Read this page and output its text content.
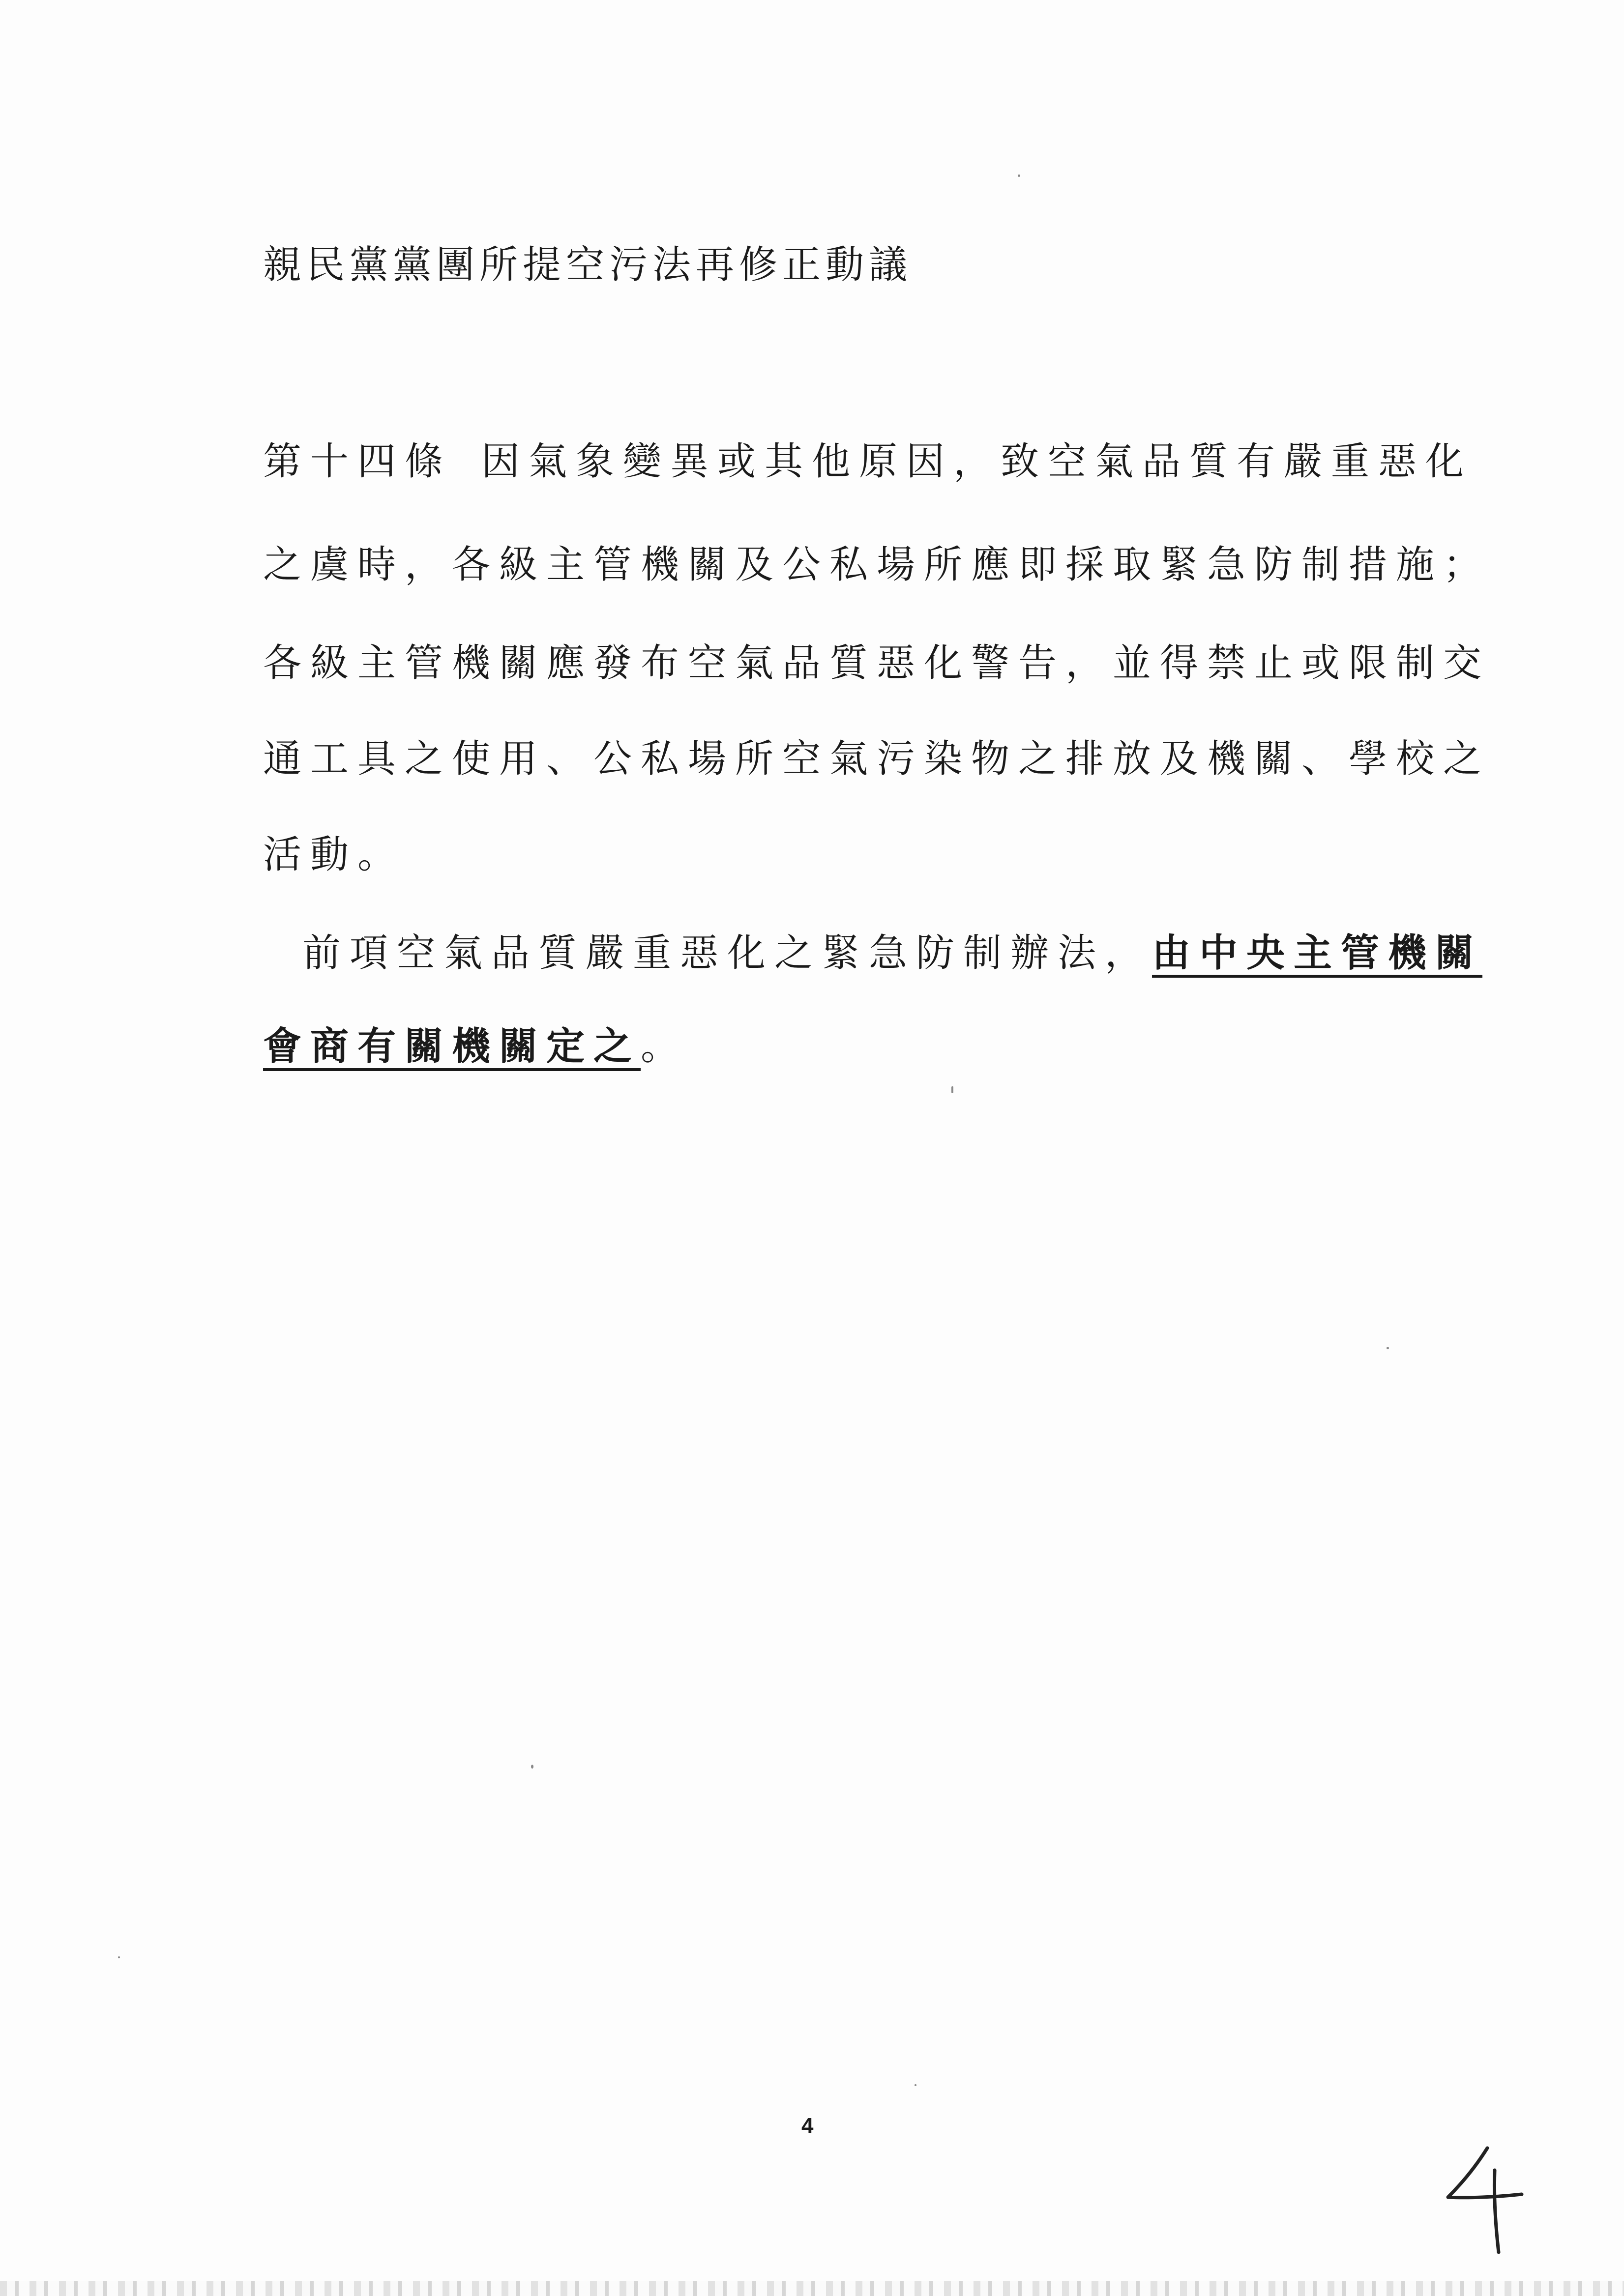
親民黨黨團所提空污法再修正動議
第十四條 因氣象變異或其他原因，致空氣品質有嚴重惡化
之虞時，各級主管機關及公私場所應即採取緊急防制措施；
各級主管機關應發布空氣品質惡化警告，並得禁止或限制交
通工具之使用、公私場所空氣污染物之排放及機關、學校之
活動。
前項空氣品質嚴重惡化之緊急防制辦法，由中央主管機關
會商有關機關定之。
4
